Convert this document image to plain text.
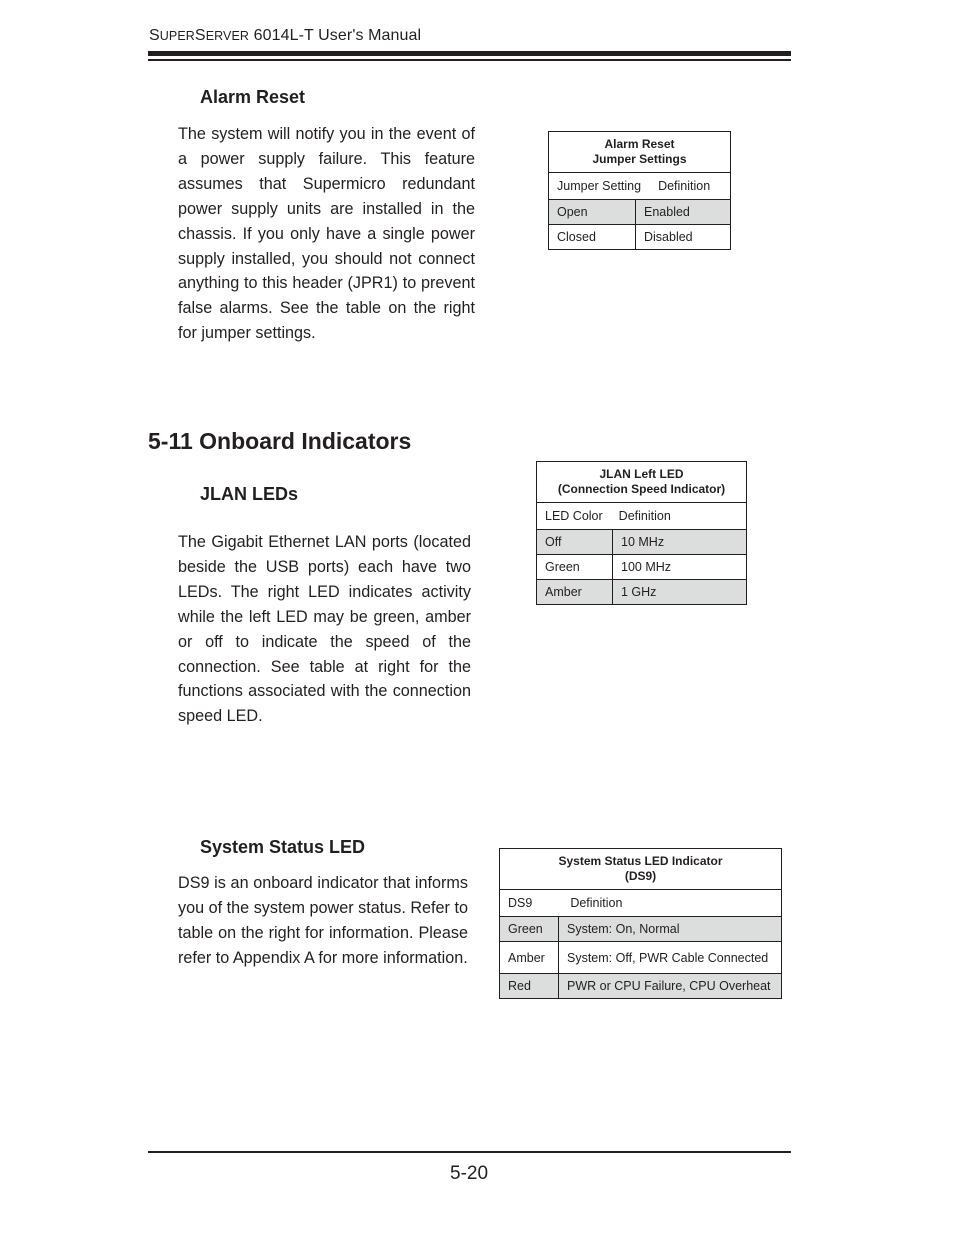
SUPERSERVER 6014L-T User's Manual
Alarm Reset
The system will notify you in the event of a power supply failure. This feature assumes that Supermicro redundant power supply units are installed in the chassis. If you only have a single power supply installed, you should not connect anything to this header (JPR1) to prevent false alarms. See the table on the right for jumper settings.
Alarm Reset
Jumper Settings	

Jumper Setting Definition	
Open	Enabled
Closed	Disabled
5-11 Onboard Indicators
JLAN LEDs
The Gigabit Ethernet LAN ports (located beside the USB ports) each have two LEDs. The right LED indicates activity while the left LED may be green, amber or off to indicate the speed of the connection. See table at right for the functions associated with the connection speed LED.
JLAN Left LED
(Connection Speed Indicator)	

LED Color Definition	
Off	10 MHz
Green	100 MHz
Amber	1 GHz
System Status LED
DS9 is an onboard indicator that informs you of the system power status. Refer to table on the right for information. Please refer to Appendix A for more information.
System Status LED Indicator
(DS9)	

DS9 Definition	
Green	System: On, Normal
Amber	System: Off, PWR Cable Connected
Red	PWR or CPU Failure, CPU Overheat
5-20
